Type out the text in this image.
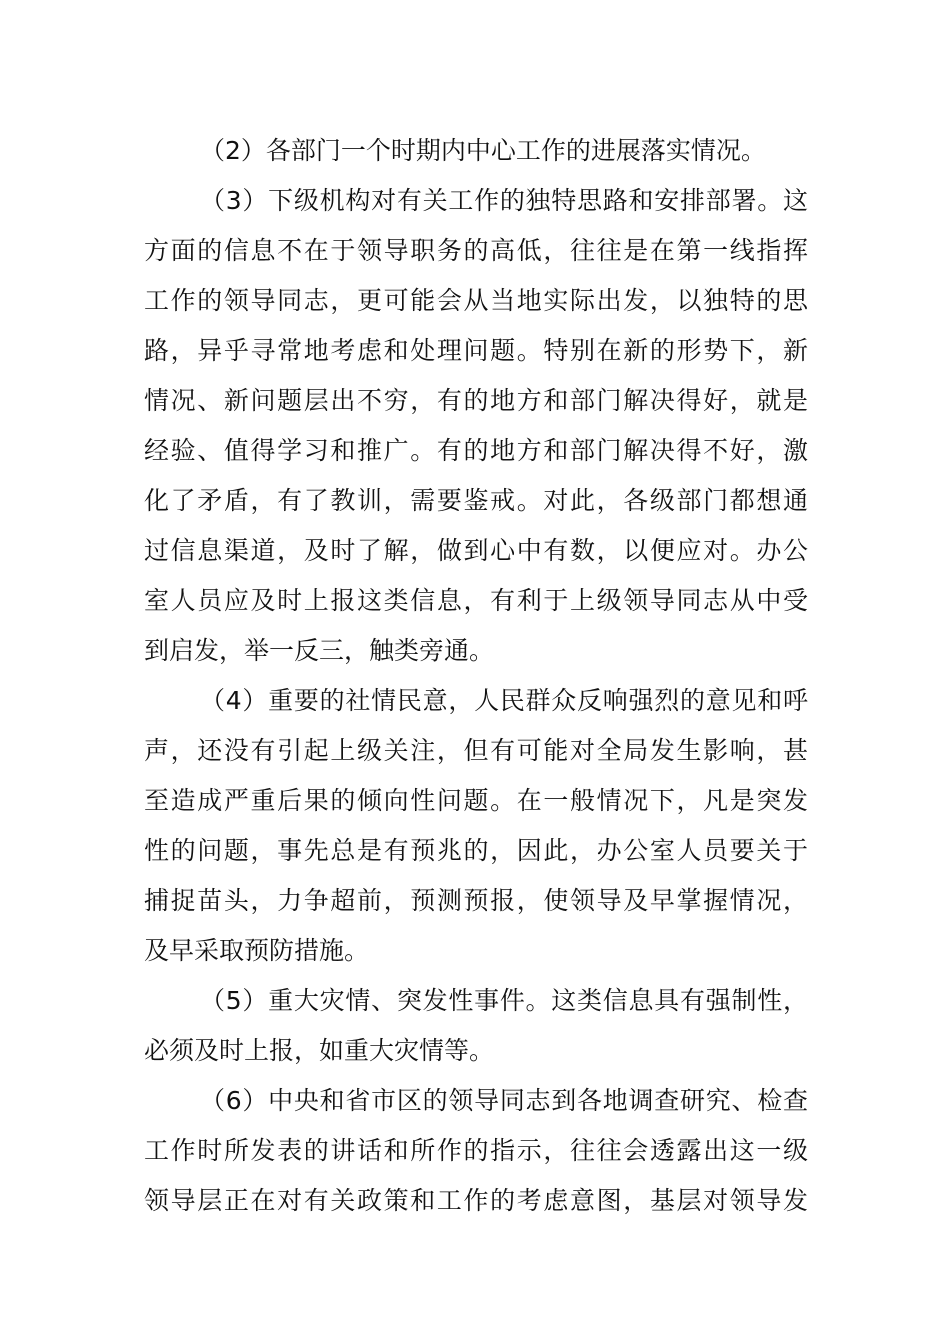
（2）各部门一个时期内中心工作的进展落实情况。
（3）下级机构对有关工作的独特思路和安排部署。这
方面的信息不在于领导职务的高低，往往是在第一线指挥
工作的领导同志，更可能会从当地实际出发，以独特的思
路，异乎寻常地考虑和处理问题。特别在新的形势下，新
情况、新问题层出不穷，有的地方和部门解决得好，就是
经验、值得学习和推广。有的地方和部门解决得不好，激
化了矛盾，有了教训，需要鉴戒。对此，各级部门都想通
过信息渠道，及时了解，做到心中有数，以便应对。办公
室人员应及时上报这类信息，有利于上级领导同志从中受
到启发，举一反三，触类旁通。
（4）重要的社情民意，人民群众反响强烈的意见和呼
声，还没有引起上级关注，但有可能对全局发生影响，甚
至造成严重后果的倾向性问题。在一般情况下，凡是突发
性的问题，事先总是有预兆的，因此，办公室人员要关于
捕捉苗头，力争超前，预测预报，使领导及早掌握情况，
及早采取预防措施。
（5）重大灾情、突发性事件。这类信息具有强制性，
必须及时上报，如重大灾情等。
（6）中央和省市区的领导同志到各地调查研究、检查
工作时所发表的讲话和所作的指示，往往会透露出这一级
领导层正在对有关政策和工作的考虑意图，基层对领导发
